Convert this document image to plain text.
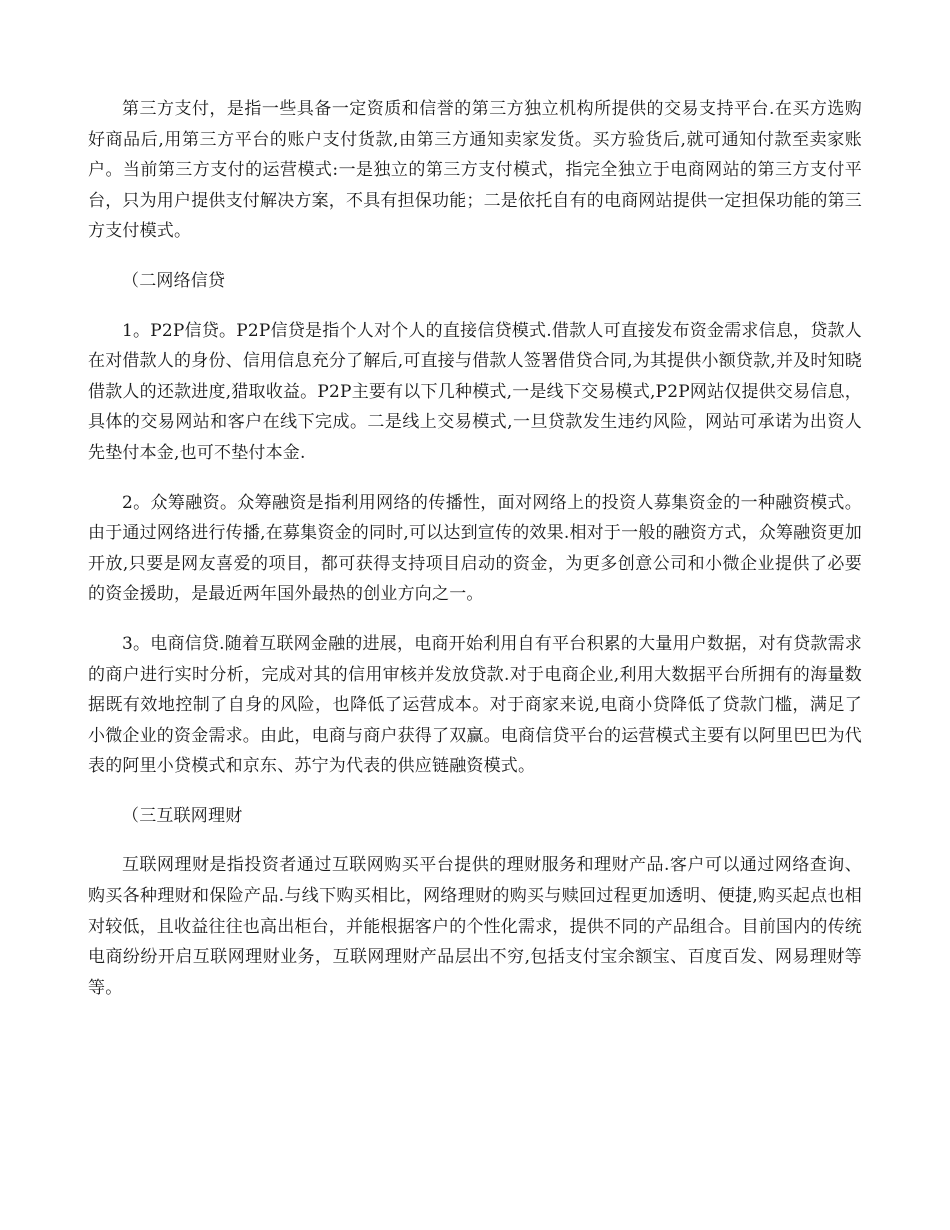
第三方支付，是指一些具备一定资质和信誉的第三方独立机构所提供的交易支持平台.在买方选购好商品后,用第三方平台的账户支付货款,由第三方通知卖家发货。买方验货后,就可通知付款至卖家账户。当前第三方支付的运营模式:一是独立的第三方支付模式，指完全独立于电商网站的第三方支付平台，只为用户提供支付解决方案，不具有担保功能；二是依托自有的电商网站提供一定担保功能的第三方支付模式。

（二网络信贷

1。P2P信贷。P2P信贷是指个人对个人的直接信贷模式.借款人可直接发布资金需求信息，贷款人在对借款人的身份、信用信息充分了解后,可直接与借款人签署借贷合同,为其提供小额贷款,并及时知晓借款人的还款进度,猎取收益。P2P主要有以下几种模式,一是线下交易模式,P2P网站仅提供交易信息，具体的交易网站和客户在线下完成。二是线上交易模式,一旦贷款发生违约风险，网站可承诺为出资人先垫付本金,也可不垫付本金.

2。众筹融资。众筹融资是指利用网络的传播性，面对网络上的投资人募集资金的一种融资模式。由于通过网络进行传播,在募集资金的同时,可以达到宣传的效果.相对于一般的融资方式，众筹融资更加开放,只要是网友喜爱的项目，都可获得支持项目启动的资金，为更多创意公司和小微企业提供了必要的资金援助，是最近两年国外最热的创业方向之一。

3。电商信贷.随着互联网金融的进展，电商开始利用自有平台积累的大量用户数据，对有贷款需求的商户进行实时分析，完成对其的信用审核并发放贷款.对于电商企业,利用大数据平台所拥有的海量数据既有效地控制了自身的风险，也降低了运营成本。对于商家来说,电商小贷降低了贷款门槛，满足了小微企业的资金需求。由此，电商与商户获得了双赢。电商信贷平台的运营模式主要有以阿里巴巴为代表的阿里小贷模式和京东、苏宁为代表的供应链融资模式。

（三互联网理财

互联网理财是指投资者通过互联网购买平台提供的理财服务和理财产品.客户可以通过网络查询、购买各种理财和保险产品.与线下购买相比，网络理财的购买与赎回过程更加透明、便捷,购买起点也相对较低，且收益往往也高出柜台，并能根据客户的个性化需求，提供不同的产品组合。目前国内的传统电商纷纷开启互联网理财业务，互联网理财产品层出不穷,包括支付宝余额宝、百度百发、网易理财等等。
